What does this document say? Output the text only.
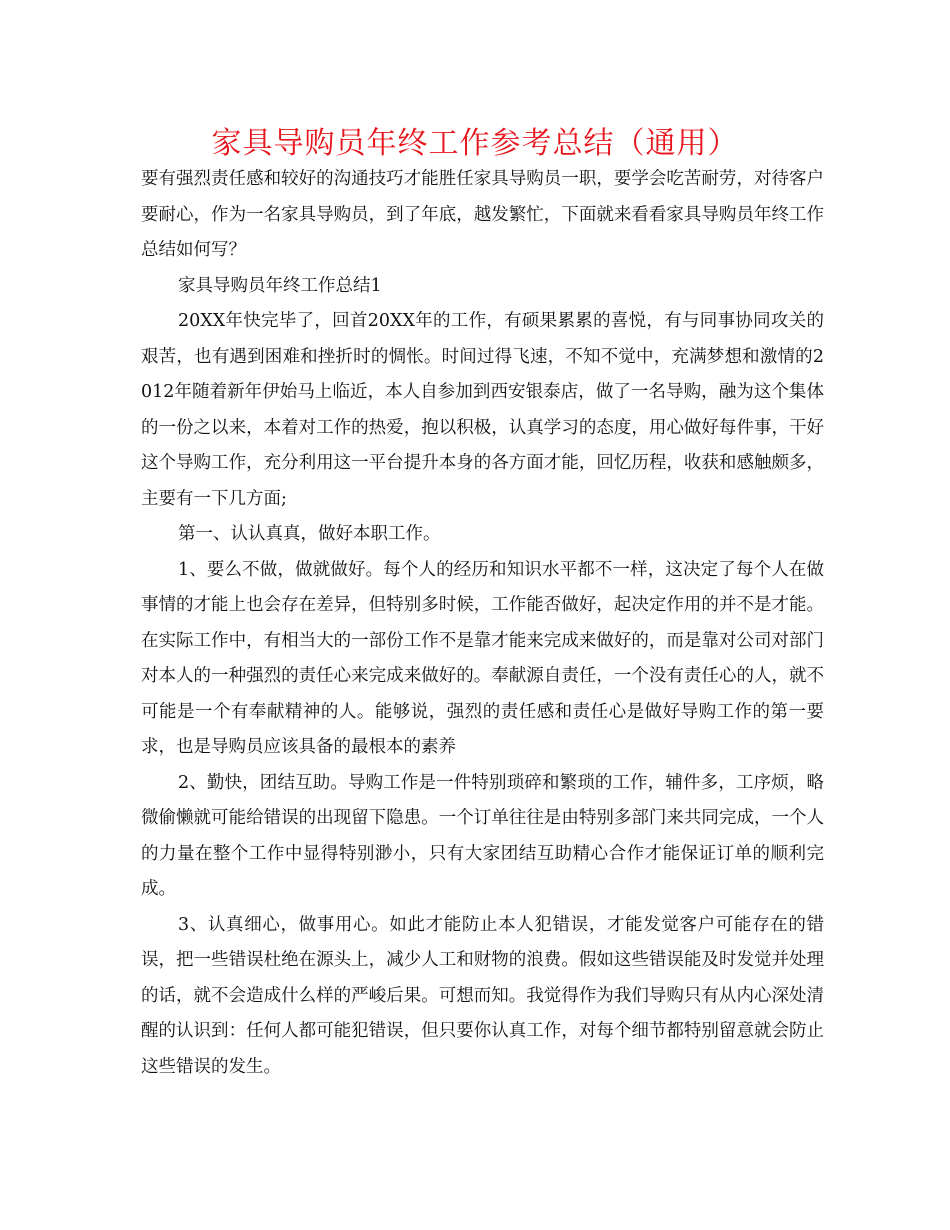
家具导购员年终工作参考总结（通用）

要有强烈责任感和较好的沟通技巧才能胜任家具导购员一职，要学会吃苦耐劳，对待客户要耐心，作为一名家具导购员，到了年底，越发繁忙，下面就来看看家具导购员年终工作总结如何写？

家具导购员年终工作总结1

20XX年快完毕了，回首20XX年的工作，有硕果累累的喜悦，有与同事协同攻关的艰苦，也有遇到困难和挫折时的惆怅。时间过得飞速，不知不觉中，充满梦想和激情的2012年随着新年伊始马上临近，本人自参加到西安银泰店，做了一名导购，融为这个集体的一份之以来，本着对工作的热爱，抱以积极，认真学习的态度，用心做好每件事，干好这个导购工作，充分利用这一平台提升本身的各方面才能，回忆历程，收获和感触颇多，主要有一下几方面;

第一、认认真真，做好本职工作。

1、要么不做，做就做好。每个人的经历和知识水平都不一样，这决定了每个人在做事情的才能上也会存在差异，但特别多时候，工作能否做好，起决定作用的并不是才能。在实际工作中，有相当大的一部份工作不是靠才能来完成来做好的，而是靠对公司对部门对本人的一种强烈的责任心来完成来做好的。奉献源自责任，一个没有责任心的人，就不可能是一个有奉献精神的人。能够说，强烈的责任感和责任心是做好导购工作的第一要求，也是导购员应该具备的最根本的素养

2、勤快，团结互助。导购工作是一件特别琐碎和繁琐的工作，辅件多，工序烦，略微偷懒就可能给错误的出现留下隐患。一个订单往往是由特别多部门来共同完成，一个人的力量在整个工作中显得特别渺小，只有大家团结互助精心合作才能保证订单的顺利完成。

3、认真细心，做事用心。如此才能防止本人犯错误，才能发觉客户可能存在的错误，把一些错误杜绝在源头上，减少人工和财物的浪费。假如这些错误能及时发觉并处理的话，就不会造成什么样的严峻后果。可想而知。我觉得作为我们导购只有从内心深处清醒的认识到：任何人都可能犯错误，但只要你认真工作，对每个细节都特别留意就会防止这些错误的发生。
